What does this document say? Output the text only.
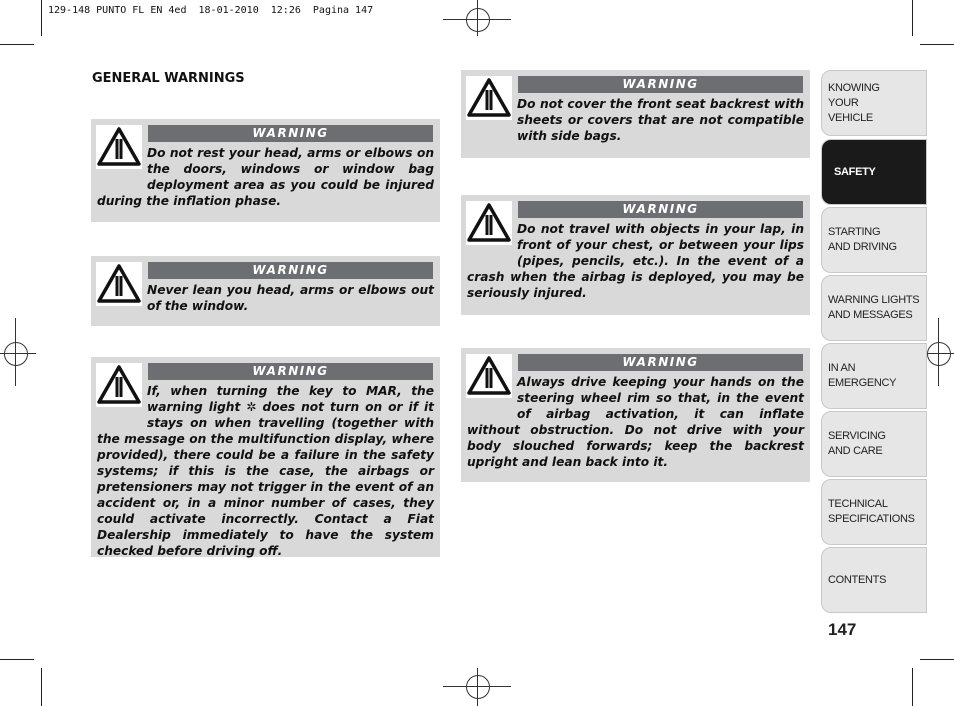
129-148 PUNTO FL EN 4ed  18-01-2010  12:26  Pagina 147
GENERAL WARNINGS
WARNING

Do not rest your head, arms or elbows on the doors, windows or window bag deployment area as you could be injured during the inflation phase.

WARNING

Never lean you head, arms or elbows out of the window.

WARNING

If, when turning the key to MAR, the warning light ✲ does not turn on or if it stays on when travelling (together with the message on the multifunction display, where provided), there could be a failure in the safety systems; if this is the case, the airbags or pretensioners may not trigger in the event of an accident or, in a minor number of cases, they could activate incorrectly. Contact a Fiat Dealership immediately to have the system checked before driving off.

WARNING

Do not cover the front seat backrest with sheets or covers that are not compatible with side bags.

WARNING

Do not travel with objects in your lap, in front of your chest, or between your lips (pipes, pencils, etc.). In the event of a crash when the airbag is deployed, you may be seriously injured.

WARNING

Always drive keeping your hands on the steering wheel rim so that, in the event of airbag activation, it can inflate without obstruction. Do not drive with your body slouched forwards; keep the backrest upright and lean back into it.

KNOWING
YOUR
VEHICLE
SAFETY
STARTING
AND DRIVING
WARNING LIGHTS
AND MESSAGES
IN AN
EMERGENCY
SERVICING
AND CARE
TECHNICAL
SPECIFICATIONS
CONTENTS
147
